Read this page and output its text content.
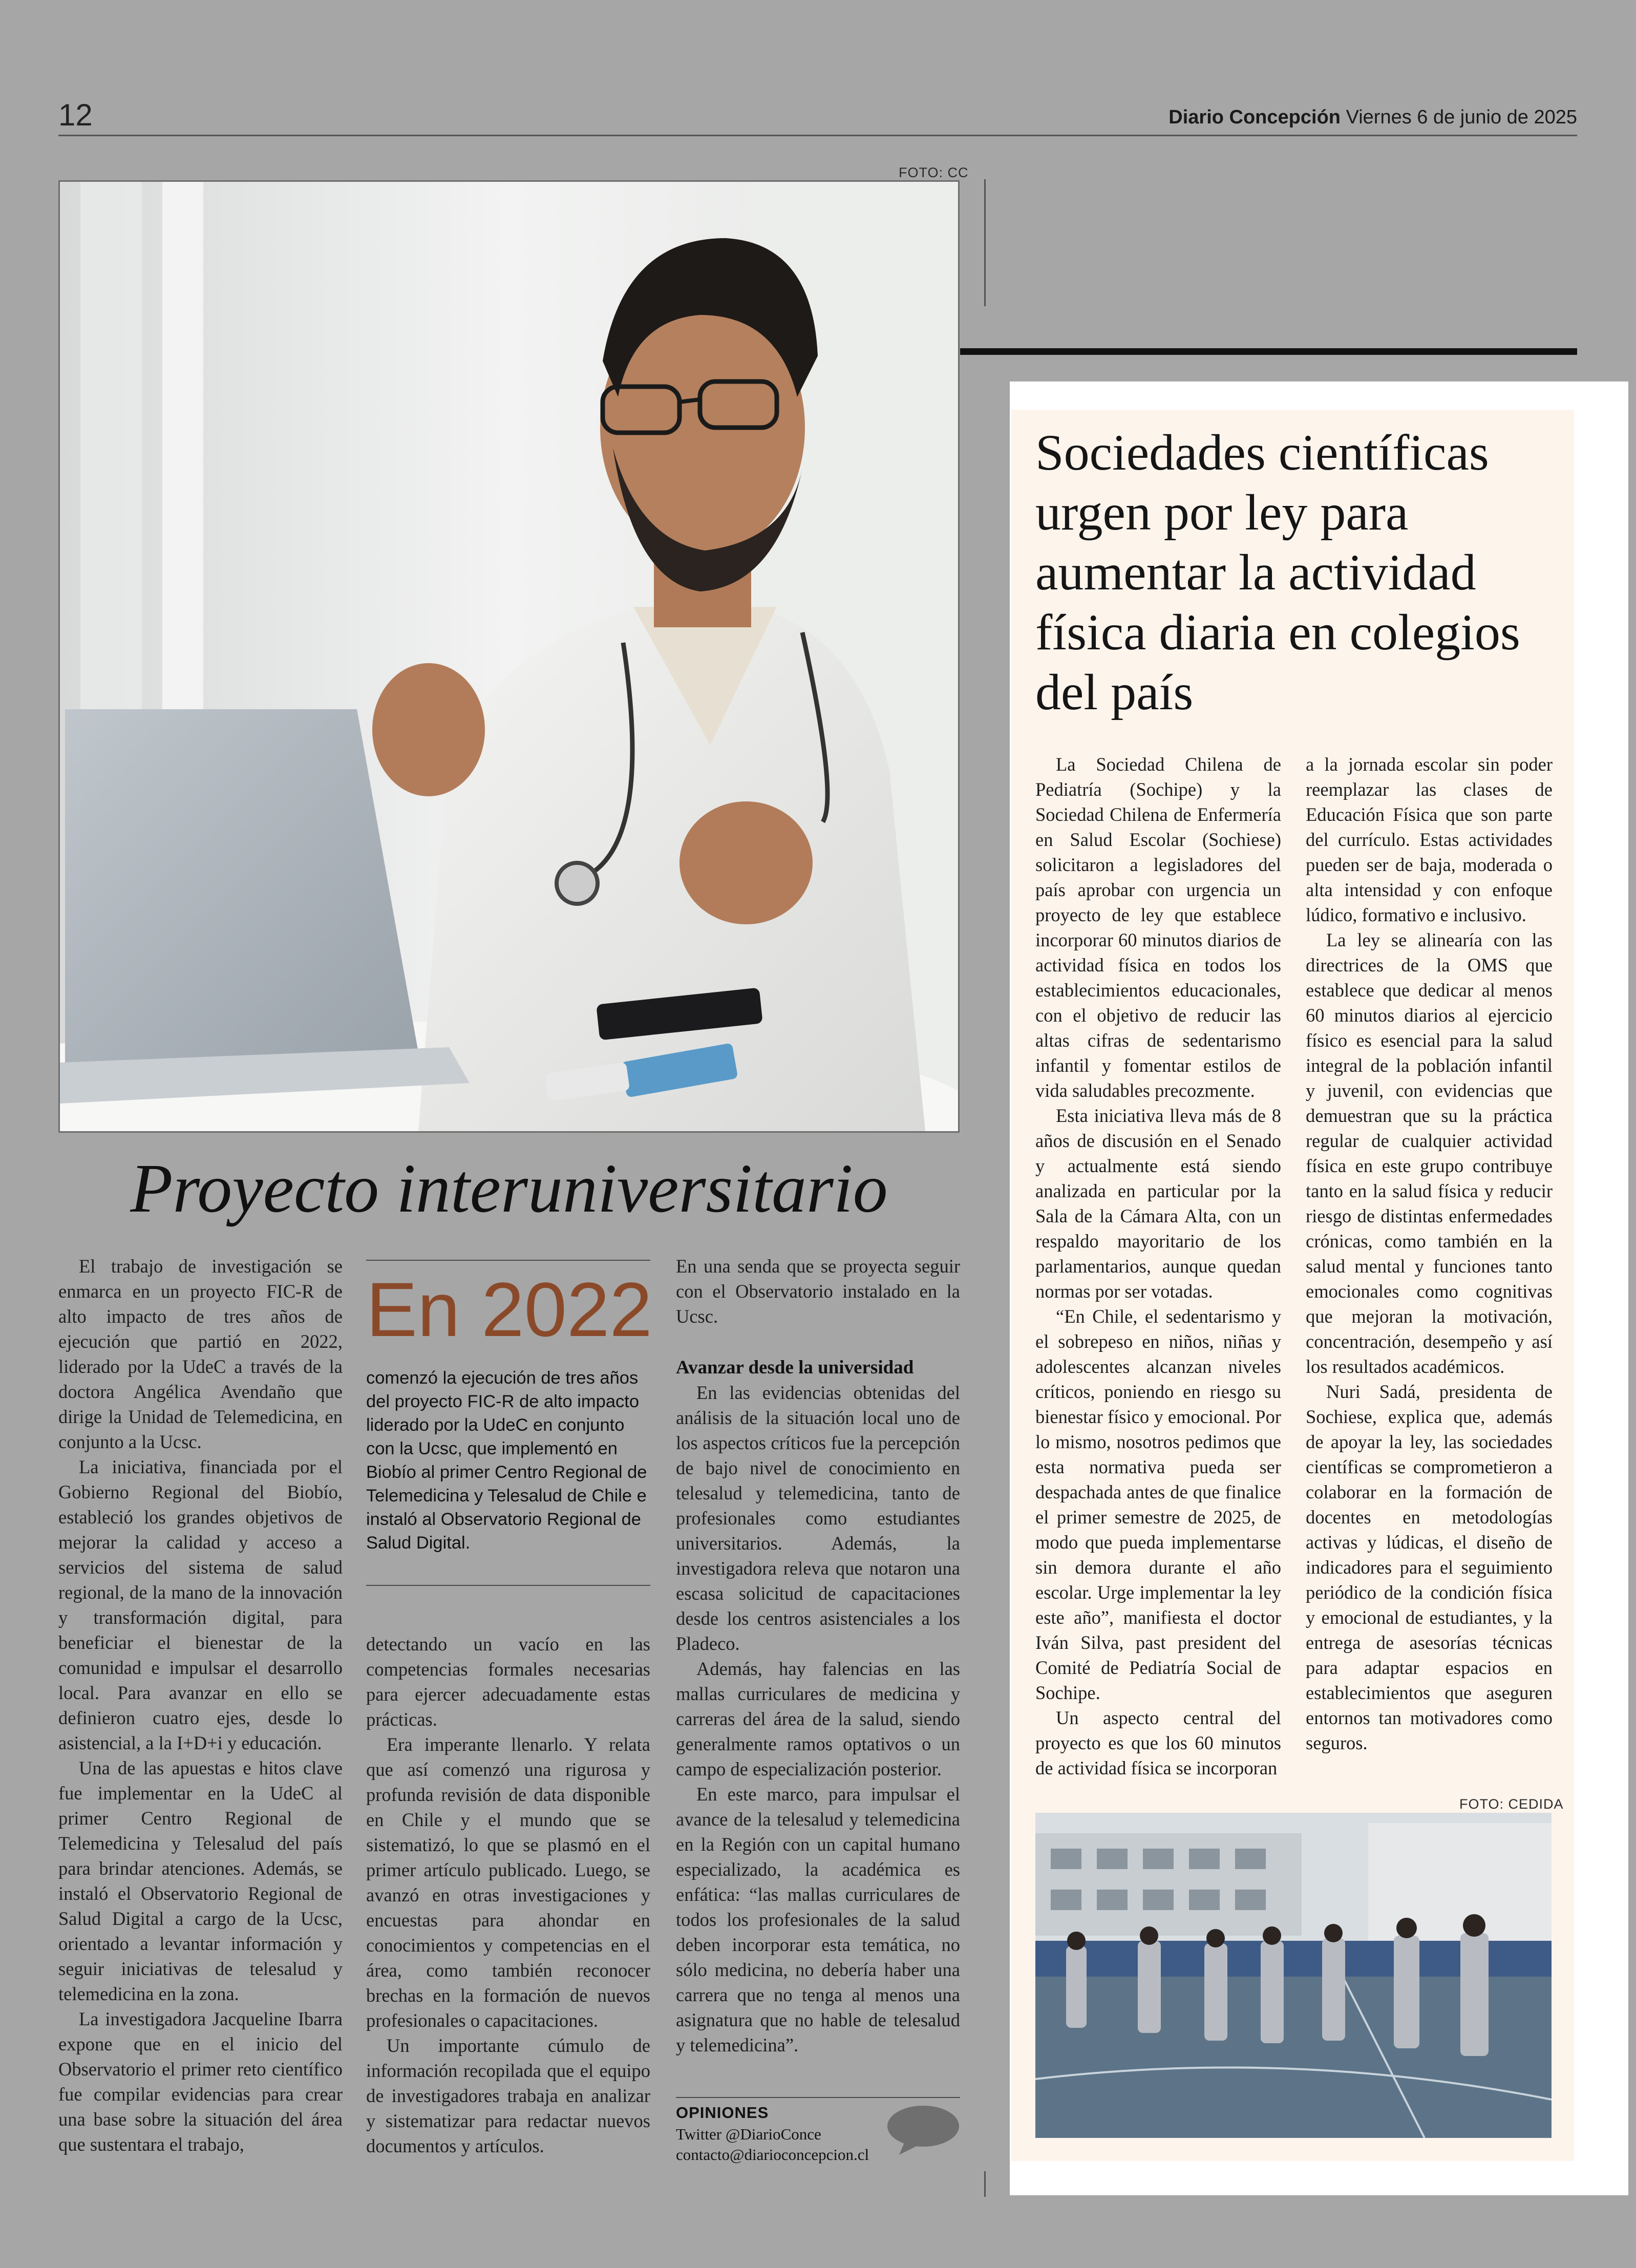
12	Diario Concepción Viernes 6 de junio de 2025
FOTO: CC
Sociedades científicas urgen por ley para aumentar la actividad física diaria en colegios del país

La Sociedad Chilena de Pediatría (Sochipe) y la Sociedad Chilena de Enfermería en Salud Escolar (Sochiese) solicitaron a legisladores del país aprobar con urgencia un proyecto de ley que establece incorporar 60 minutos diarios de actividad física en todos los establecimientos educacionales, con el objetivo de reducir las altas cifras de sedentarismo infantil y fomentar estilos de vida saludables precozmente.

Esta iniciativa lleva más de 8 años de discusión en el Senado y actualmente está siendo analizada en particular por la Sala de la Cámara Alta, con un respaldo mayoritario de los parlamentarios, aunque quedan normas por ser votadas.

“En Chile, el sedentarismo y el sobrepeso en niños, niñas y adolescentes alcanzan niveles críticos, poniendo en riesgo su bienestar físico y emocional. Por lo mismo, nosotros pedimos que esta normativa pueda ser despachada antes de que finalice el primer semestre de 2025, de modo que pueda implementarse sin demora durante el año escolar. Urge implementar la ley este año”, manifiesta el doctor Iván Silva, past president del Comité de Pediatría Social de Sochipe.

Un aspecto central del proyecto es que los 60 minutos de actividad física se incorporan

a la jornada escolar sin poder reemplazar las clases de Educación Física que son parte del currículo. Estas actividades pueden ser de baja, moderada o alta intensidad y con enfoque lúdico, formativo e inclusivo.

La ley se alinearía con las directrices de la OMS que establece que dedicar al menos 60 minutos diarios al ejercicio físico es esencial para la salud integral de la población infantil y juvenil, con evidencias que demuestran que su la práctica regular de cualquier actividad física en este grupo contribuye tanto en la salud física y reducir riesgo de distintas enfermedades crónicas, como también en la salud mental y funciones tanto emocionales como cognitivas que mejoran la motivación, concentración, desempeño y así los resultados académicos.

Nuri Sadá, presidenta de Sochiese, explica que, además de apoyar la ley, las sociedades científicas se comprometieron a colaborar en la formación de docentes en metodologías activas y lúdicas, el diseño de indicadores para el seguimiento periódico de la condición física y emocional de estudiantes, y la entrega de asesorías técnicas para adaptar espacios en establecimientos que aseguren entornos tan motivadores como seguros.

FOTO: CEDIDA
Proyecto interuniversitario

El trabajo de investigación se enmarca en un proyecto FIC-R de alto impacto de tres años de ejecución que partió en 2022, liderado por la UdeC a través de la doctora Angélica Avendaño que dirige la Unidad de Telemedicina, en conjunto a la Ucsc.

La iniciativa, financiada por el Gobierno Regional del Biobío, estableció los grandes objetivos de mejorar la calidad y acceso a servicios del sistema de salud regional, de la mano de la innovación y transformación digital, para beneficiar el bienestar de la comunidad e impulsar el desarrollo local. Para avanzar en ello se definieron cuatro ejes, desde lo asistencial, a la I+D+i y educación.

Una de las apuestas e hitos clave fue implementar en la UdeC al primer Centro Regional de Telemedicina y Telesalud del país para brindar atenciones. Además, se instaló el Observatorio Regional de Salud Digital a cargo de la Ucsc, orientado a levantar información y seguir iniciativas de telesalud y telemedicina en la zona.

La investigadora Jacqueline Ibarra expone que en el inicio del Observatorio el primer reto científico fue compilar evidencias para crear una base sobre la situación del área que sustentara el trabajo,

En 2022
comenzó la ejecución de tres años del proyecto FIC-R de alto impacto liderado por la UdeC en conjunto con la Ucsc, que implementó en Biobío al primer Centro Regional de Telemedicina y Telesalud de Chile e instaló al Observatorio Regional de Salud Digital.

detectando un vacío en las competencias formales necesarias para ejercer adecuadamente estas prácticas.

Era imperante llenarlo. Y relata que así comenzó una rigurosa y profunda revisión de data disponible en Chile y el mundo que se sistematizó, lo que se plasmó en el primer artículo publicado. Luego, se avanzó en otras investigaciones y encuestas para ahondar en conocimientos y competencias en el área, como también reconocer brechas en la formación de nuevos profesionales o capacitaciones.

Un importante cúmulo de información recopilada que el equipo de investigadores trabaja en analizar y sistematizar para redactar nuevos documentos y artículos.

En una senda que se proyecta seguir con el Observatorio instalado en la Ucsc.

Avanzar desde la universidad

En las evidencias obtenidas del análisis de la situación local uno de los aspectos críticos fue la percepción de bajo nivel de conocimiento en telesalud y telemedicina, tanto de profesionales como estudiantes universitarios. Además, la investigadora releva que notaron una escasa solicitud de capacitaciones desde los centros asistenciales a los Pladeco.

Además, hay falencias en las mallas curriculares de medicina y carreras del área de la salud, siendo generalmente ramos optativos o un campo de especialización posterior.

En este marco, para impulsar el avance de la telesalud y telemedicina en la Región con un capital humano especializado, la académica es enfática: “las mallas curriculares de todos los profesionales de la salud deben incorporar esta temática, no sólo medicina, no debería haber una carrera que no tenga al menos una asignatura que no hable de telesalud y telemedicina”.

OPINIONES
Twitter @DiarioConce
contacto@diarioconcepcion.cl
